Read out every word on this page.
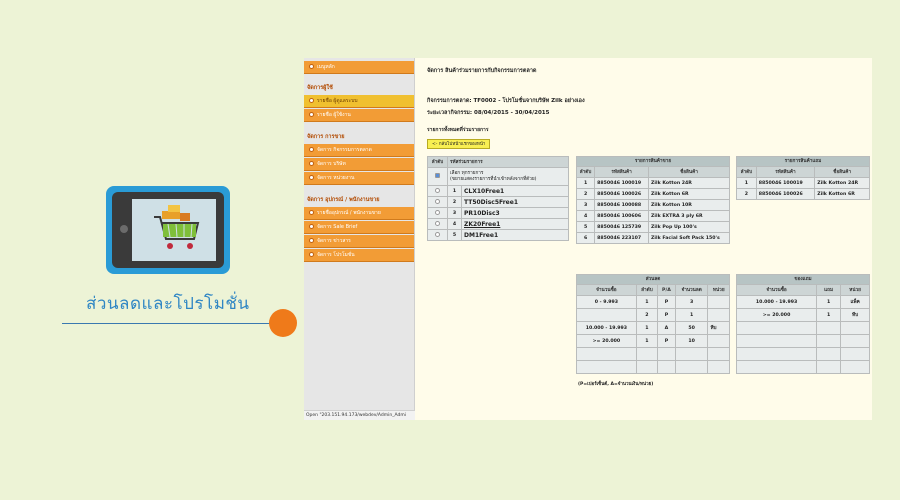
ส่วนลดและโปรโมชั่น
เมนูหลัก
จัดการผู้ใช้
รายชื่อ ผู้ดูแลระบบ
รายชื่อ ผู้ใช้งาน
จัดการ การขาย
จัดการ กิจกรรมการตลาด
จัดการ บริษัท
จัดการ หน่วยงาน
จัดการ อุปกรณ์ / พนักงานขาย
รายชื่ออุปกรณ์ / พนักงานขาย
จัดการ Sale Brief
จัดการ ข่าวสาร
จัดการ โปรโมชั่น
Open "203.151.94.173/webdev/Admin_Admi
จัดการ สินค้าร่วมรายการกับกิจกรรมการตลาด
กิจกรรมการตลาด: TF0002 - โปรโมชั่นจากบริษัท Zilk อย่างเอง
ระยะเวลากิจกรรม: 08/04/2015 - 30/04/2015
รายการทั้งหมดที่ร่วมรายการ
<- กลับไปหน้าแรกของหน้า
ลำดับ	รหัสร่วมรายการ	

	เลือก ทุกรายการ
(ขยายแสดงรายการที่นำเข้าหลังจากที่ตัวย)	

	1	CLX10Free1
	2	TT50Disc5Free1
	3	PR10Disc3
	4	ZK20Free1
	5	DM1Free1
รายการสินค้าขาย		
ลำดับ	รหัสสินค้า	ชื่อสินค้า
1	8850046 100019	Zilk Kotton 24R
2	8850046 100026	Zilk Kotton 6R
3	8850046 100088	Zilk Kotton 10R
4	8850046 100606	Zilk EXTRA 3 ply 6R
5	8850046 125739	Zilk Pop Up 100's
6	8850046 223107	Zilk Facial Soft Pack 150's
รายการสินค้าแถม		
ลำดับ	รหัสสินค้า	ชื่อสินค้า
1	8850046 100019	Zilk Kotton 24R
2	8850046 100026	Zilk Kotton 6R
ส่วนลด				
จำนวนซื้อ	ลำดับ	P/A	จำนวนลด	หน่วย
0 - 9.993	1	P	3	
	2	P	1	
10.000 - 19.993	1	A	50	หีบ
>= 20.000	1	P	10	

ของแถม		
จำนวนซื้อ	แถม	หน่วย
10.000 - 19.993	1	แพ็ค
>= 20.000	1	หีบ

(P=เปอร์เซ็นต์, A=จำนวนเงิน/หน่วย)
